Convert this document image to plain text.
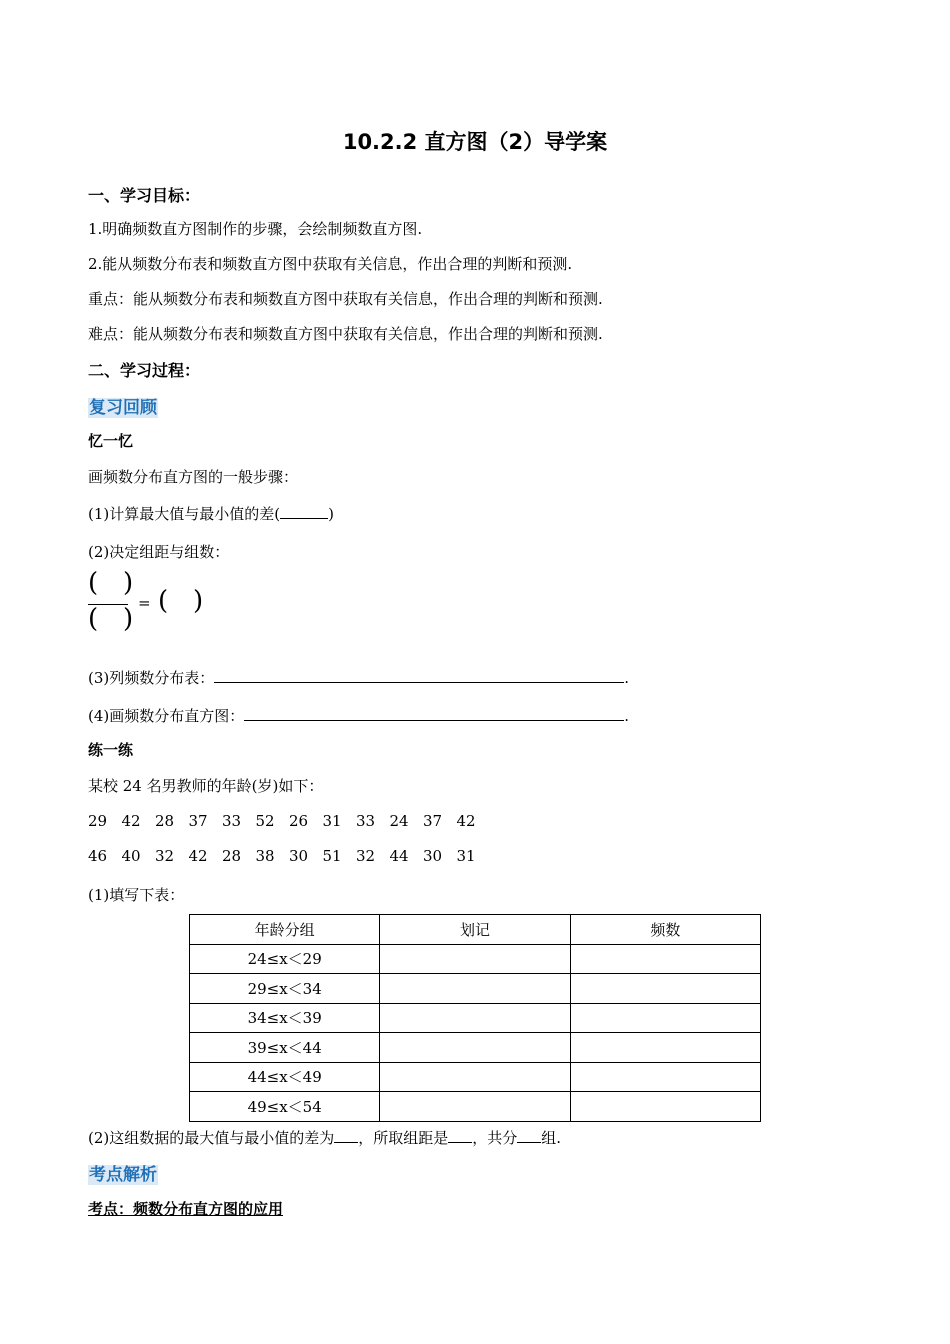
10.2.2 直方图（2）导学案
一、学习目标：
1.明确频数直方图制作的步骤，会绘制频数直方图.
2.能从频数分布表和频数直方图中获取有关信息，作出合理的判断和预测.
重点：能从频数分布表和频数直方图中获取有关信息，作出合理的判断和预测.
难点：能从频数分布表和频数直方图中获取有关信息，作出合理的判断和预测.
二、学习过程：
复习回顾
忆一忆
画频数分布直方图的一般步骤：
(1)计算最大值与最小值的差(	)
(2)决定组距与组数：
(   )
(   )
= (   )
(3)列频数分布表：	.
(4)画频数分布直方图：	.
练一练
某校 24 名男教师的年龄(岁)如下：
29 42 28 37 33 52 26 31 33 24 37 42
46 40 32 42 28 38 30 51 32 44 30 31
(1)填写下表：
年龄分组	划记	频数
24≤x＜29		
29≤x＜34		
34≤x＜39		
39≤x＜44		
44≤x＜49		
49≤x＜54		
(2)这组数据的最大值与最小值的差为 ，所取组距是 ，共分 组.
考点解析
考点：频数分布直方图的应用
